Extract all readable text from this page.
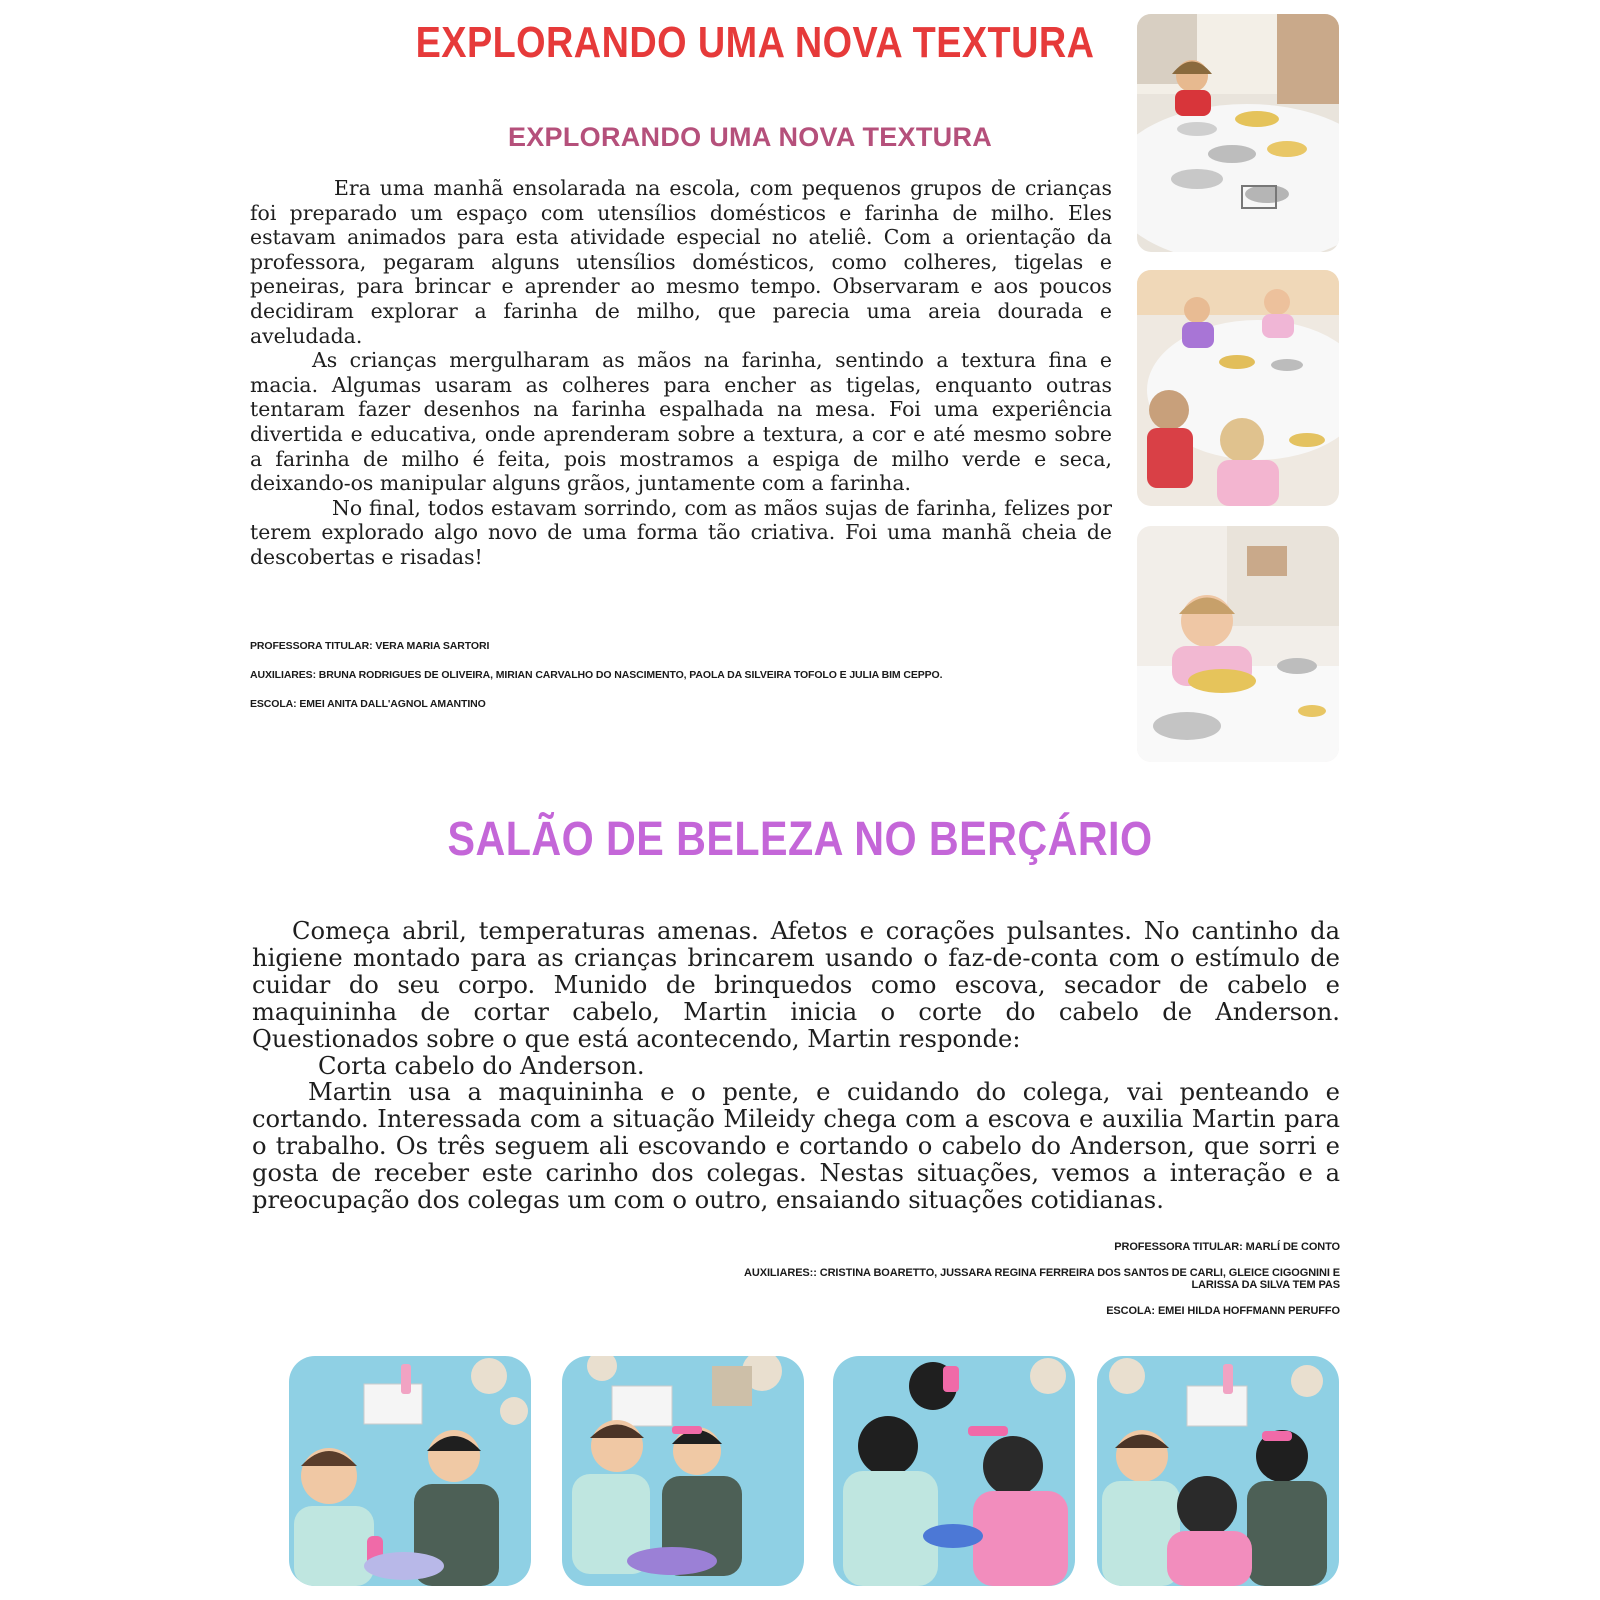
EXPLORANDO UMA NOVA TEXTURA
EXPLORANDO UMA NOVA TEXTURA

Era uma manhã ensolarada na escola, com pequenos grupos de crianças foi preparado um espaço com utensílios domésticos e farinha de milho. Eles estavam animados para esta atividade especial no ateliê. Com a orientação da professora, pegaram alguns utensílios domésticos, como colheres, tigelas e peneiras, para brincar e aprender ao mesmo tempo. Observaram e aos poucos decidiram explorar a farinha de milho, que parecia uma areia dourada e aveludada.

As crianças mergulharam as mãos na farinha, sentindo a textura fina e macia. Algumas usaram as colheres para encher as tigelas, enquanto outras tentaram fazer desenhos na farinha espalhada na mesa. Foi uma experiência divertida e educativa, onde aprenderam sobre a textura, a cor e até mesmo sobre a farinha de milho é feita, pois mostramos a espiga de milho verde e seca, deixando-os manipular alguns grãos, juntamente com a farinha.

No final, todos estavam sorrindo, com as mãos sujas de farinha, felizes por terem explorado algo novo de uma forma tão criativa. Foi uma manhã cheia de descobertas e risadas!

PROFESSORA TITULAR: VERA MARIA SARTORI
AUXILIARES: BRUNA RODRIGUES DE OLIVEIRA, MIRIAN CARVALHO DO NASCIMENTO, PAOLA DA SILVEIRA TOFOLO E JULIA BIM CEPPO.
ESCOLA: EMEI ANITA DALL'AGNOL AMANTINO
SALÃO DE BELEZA NO BERÇÁRIO

Começa abril, temperaturas amenas. Afetos e corações pulsantes. No cantinho da higiene montado para as crianças brincarem usando o faz-de-conta com o estímulo de cuidar do seu corpo. Munido de brinquedos como escova, secador de cabelo e maquininha de cortar cabelo, Martin inicia o corte do cabelo de Anderson. Questionados sobre o que está acontecendo, Martin responde:

Corta cabelo do Anderson.

Martin usa a maquininha e o pente, e cuidando do colega, vai penteando e cortando. Interessada com a situação Mileidy chega com a escova e auxilia Martin para o trabalho. Os três seguem ali escovando e cortando o cabelo do Anderson, que sorri e gosta de receber este carinho dos colegas. Nestas situações, vemos a interação e a preocupação dos colegas um com o outro, ensaiando situações cotidianas.

PROFESSORA TITULAR: MARLÍ DE CONTO
AUXILIARES:: CRISTINA BOARETTO, JUSSARA REGINA FERREIRA DOS SANTOS DE CARLI, GLEICE CIGOGNINI E LARISSA DA SILVA TEM PAS
ESCOLA: EMEI HILDA HOFFMANN PERUFFO
